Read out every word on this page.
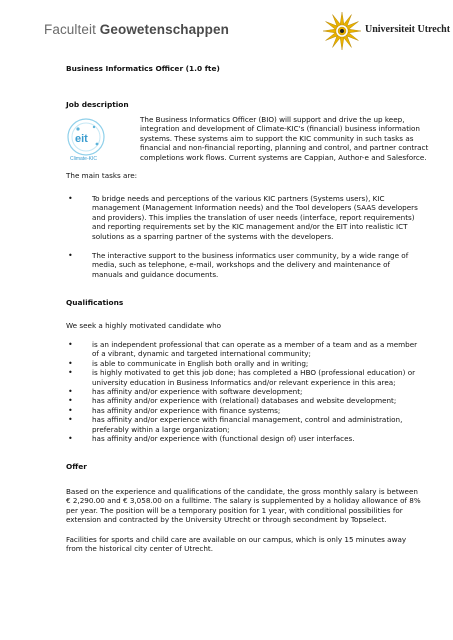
Faculteit Geowetenschappen	Universiteit Utrecht
Business Informatics Officer (1.0 fte)
Job description
eit
Climate-KIC
The Business Informatics Officer (BIO) will support and drive the up keep,
integration and development of Climate-KIC's (financial) business information
systems. These systems aim to support the KIC community in such tasks as
financial and non-financial reporting, planning and control, and partner contract
completions work flows. Current systems are Cappian, Author-e and Salesforce.
The main tasks are:
•	To bridge needs and perceptions of the various KIC partners (Systems users), KIC
management (Management Information needs) and the Tool developers (SAAS developers
and providers). This implies the translation of user needs (interface, report requirements)
and reporting requirements set by the KIC management and/or the EIT into realistic ICT
solutions as a sparring partner of the systems with the developers.
•	The interactive support to the business informatics user community, by a wide range of
media, such as telephone, e-mail, workshops and the delivery and maintenance of
manuals and guidance documents.
Qualifications
We seek a highly motivated candidate who
•	is an independent professional that can operate as a member of a team and as a member
of a vibrant, dynamic and targeted international community;
•	is able to communicate in English both orally and in writing;
•	is highly motivated to get this job done; has completed a HBO (professional education) or
university education in Business Informatics and/or relevant experience in this area;
•	has affinity and/or experience with software development;
•	has affinity and/or experience with (relational) databases and website development;
•	has affinity and/or experience with finance systems;
•	has affinity and/or experience with financial management, control and administration,
preferably within a large organization;
•	has affinity and/or experience with (functional design of) user interfaces.
Offer
Based on the experience and qualifications of the candidate, the gross monthly salary is between
€ 2,290.00 and € 3,058.00 on a fulltime. The salary is supplemented by a holiday allowance of 8%
per year. The position will be a temporary position for 1 year, with conditional possibilities for
extension and contracted by the University Utrecht or through secondment by Topselect.
Facilities for sports and child care are available on our campus, which is only 15 minutes away
from the historical city center of Utrecht.
